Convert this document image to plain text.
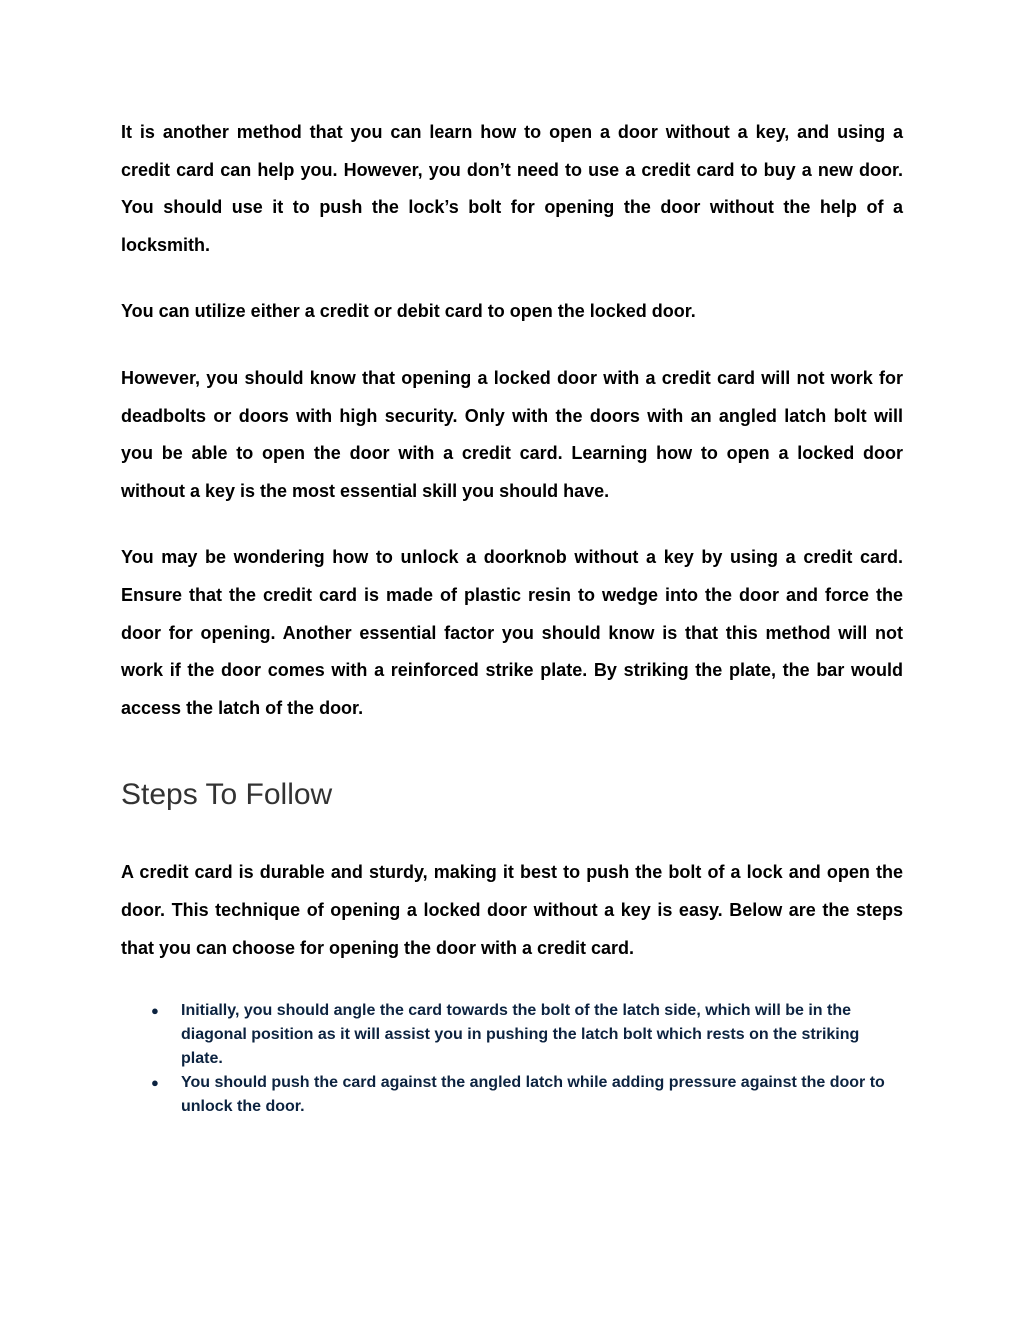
It is another method that you can learn how to open a door without a key, and using a credit card can help you. However, you don’t need to use a credit card to buy a new door. You should use it to push the lock’s bolt for opening the door without the help of a locksmith.

You can utilize either a credit or debit card to open the locked door.

However, you should know that opening a locked door with a credit card will not work for deadbolts or doors with high security. Only with the doors with an angled latch bolt will you be able to open the door with a credit card. Learning how to open a locked door without a key is the most essential skill you should have.

You may be wondering how to unlock a doorknob without a key by using a credit card. Ensure that the credit card is made of plastic resin to wedge into the door and force the door for opening. Another essential factor you should know is that this method will not work if the door comes with a reinforced strike plate. By striking the plate, the bar would access the latch of the door.

Steps To Follow

A credit card is durable and sturdy, making it best to push the bolt of a lock and open the door. This technique of opening a locked door without a key is easy. Below are the steps that you can choose for opening the door with a credit card.

● Initially, you should angle the card towards the bolt of the latch side, which will be in the diagonal position as it will assist you in pushing the latch bolt which rests on the striking plate.
● You should push the card against the angled latch while adding pressure against the door to unlock the door.
